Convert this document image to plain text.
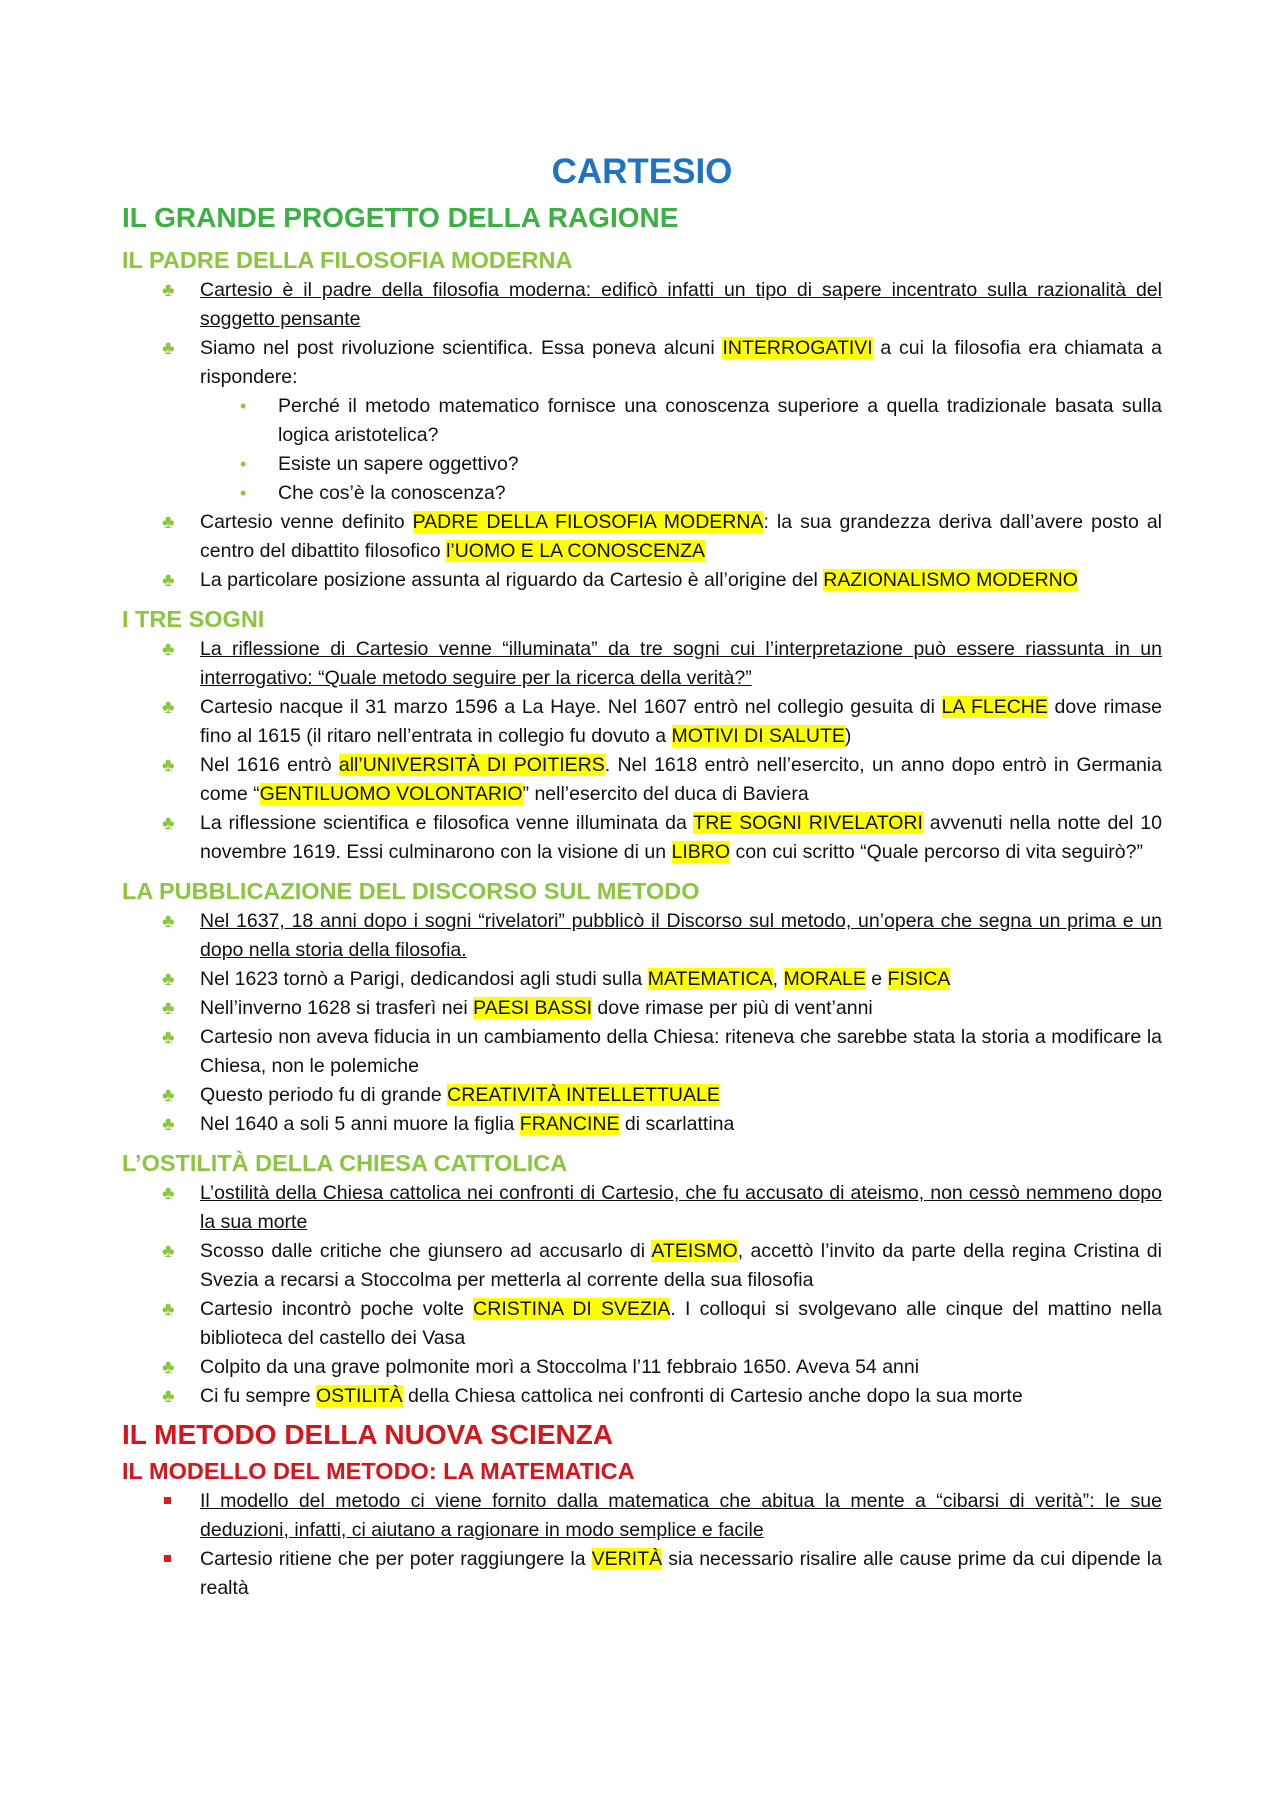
CARTESIO
IL GRANDE PROGETTO DELLA RAGIONE
IL PADRE DELLA FILOSOFIA MODERNA
♣ Cartesio è il padre della filosofia moderna: edificò infatti un tipo di sapere incentrato sulla razionalità del soggetto pensante
♣ Siamo nel post rivoluzione scientifica. Essa poneva alcuni INTERROGATIVI a cui la filosofia era chiamata a rispondere:
• Perché il metodo matematico fornisce una conoscenza superiore a quella tradizionale basata sulla logica aristotelica?
• Esiste un sapere oggettivo?
• Che cos’è la conoscenza?
♣ Cartesio venne definito PADRE DELLA FILOSOFIA MODERNA: la sua grandezza deriva dall’avere posto al centro del dibattito filosofico l’UOMO E LA CONOSCENZA
♣ La particolare posizione assunta al riguardo da Cartesio è all’origine del RAZIONALISMO MODERNO
I TRE SOGNI
♣ La riflessione di Cartesio venne “illuminata” da tre sogni cui l’interpretazione può essere riassunta in un interrogativo: “Quale metodo seguire per la ricerca della verità?”
♣ Cartesio nacque il 31 marzo 1596 a La Haye. Nel 1607 entrò nel collegio gesuita di LA FLECHE dove rimase fino al 1615 (il ritaro nell’entrata in collegio fu dovuto a MOTIVI DI SALUTE)
♣ Nel 1616 entrò all’UNIVERSITÀ DI POITIERS. Nel 1618 entrò nell’esercito, un anno dopo entrò in Germania come “GENTILUOMO VOLONTARIO” nell’esercito del duca di Baviera
♣ La riflessione scientifica e filosofica venne illuminata da TRE SOGNI RIVELATORI avvenuti nella notte del 10 novembre 1619. Essi culminarono con la visione di un LIBRO con cui scritto “Quale percorso di vita seguirò?”
LA PUBBLICAZIONE DEL DISCORSO SUL METODO
♣ Nel 1637, 18 anni dopo i sogni “rivelatori” pubblicò il Discorso sul metodo, un’opera che segna un prima e un dopo nella storia della filosofia.
♣ Nel 1623 tornò a Parigi, dedicandosi agli studi sulla MATEMATICA, MORALE e FISICA
♣ Nell’inverno 1628 si trasferì nei PAESI BASSI dove rimase per più di vent’anni
♣ Cartesio non aveva fiducia in un cambiamento della Chiesa: riteneva che sarebbe stata la storia a modificare la Chiesa, non le polemiche
♣ Questo periodo fu di grande CREATIVITÀ INTELLETTUALE
♣ Nel 1640 a soli 5 anni muore la figlia FRANCINE di scarlattina
L’OSTILITÀ DELLA CHIESA CATTOLICA
♣ L’ostilità della Chiesa cattolica nei confronti di Cartesio, che fu accusato di ateismo, non cessò nemmeno dopo la sua morte
♣ Scosso dalle critiche che giunsero ad accusarlo di ATEISMO, accettò l’invito da parte della regina Cristina di Svezia a recarsi a Stoccolma per metterla al corrente della sua filosofia
♣ Cartesio incontrò poche volte CRISTINA DI SVEZIA. I colloqui si svolgevano alle cinque del mattino nella biblioteca del castello dei Vasa
♣ Colpito da una grave polmonite morì a Stoccolma l’11 febbraio 1650. Aveva 54 anni
♣ Ci fu sempre OSTILITÀ della Chiesa cattolica nei confronti di Cartesio anche dopo la sua morte
IL METODO DELLA NUOVA SCIENZA
IL MODELLO DEL METODO: LA MATEMATICA
Il modello del metodo ci viene fornito dalla matematica che abitua la mente a “cibarsi di verità”: le sue deduzioni, infatti, ci aiutano a ragionare in modo semplice e facile
Cartesio ritiene che per poter raggiungere la VERITÀ sia necessario risalire alle cause prime da cui dipende la realtà
